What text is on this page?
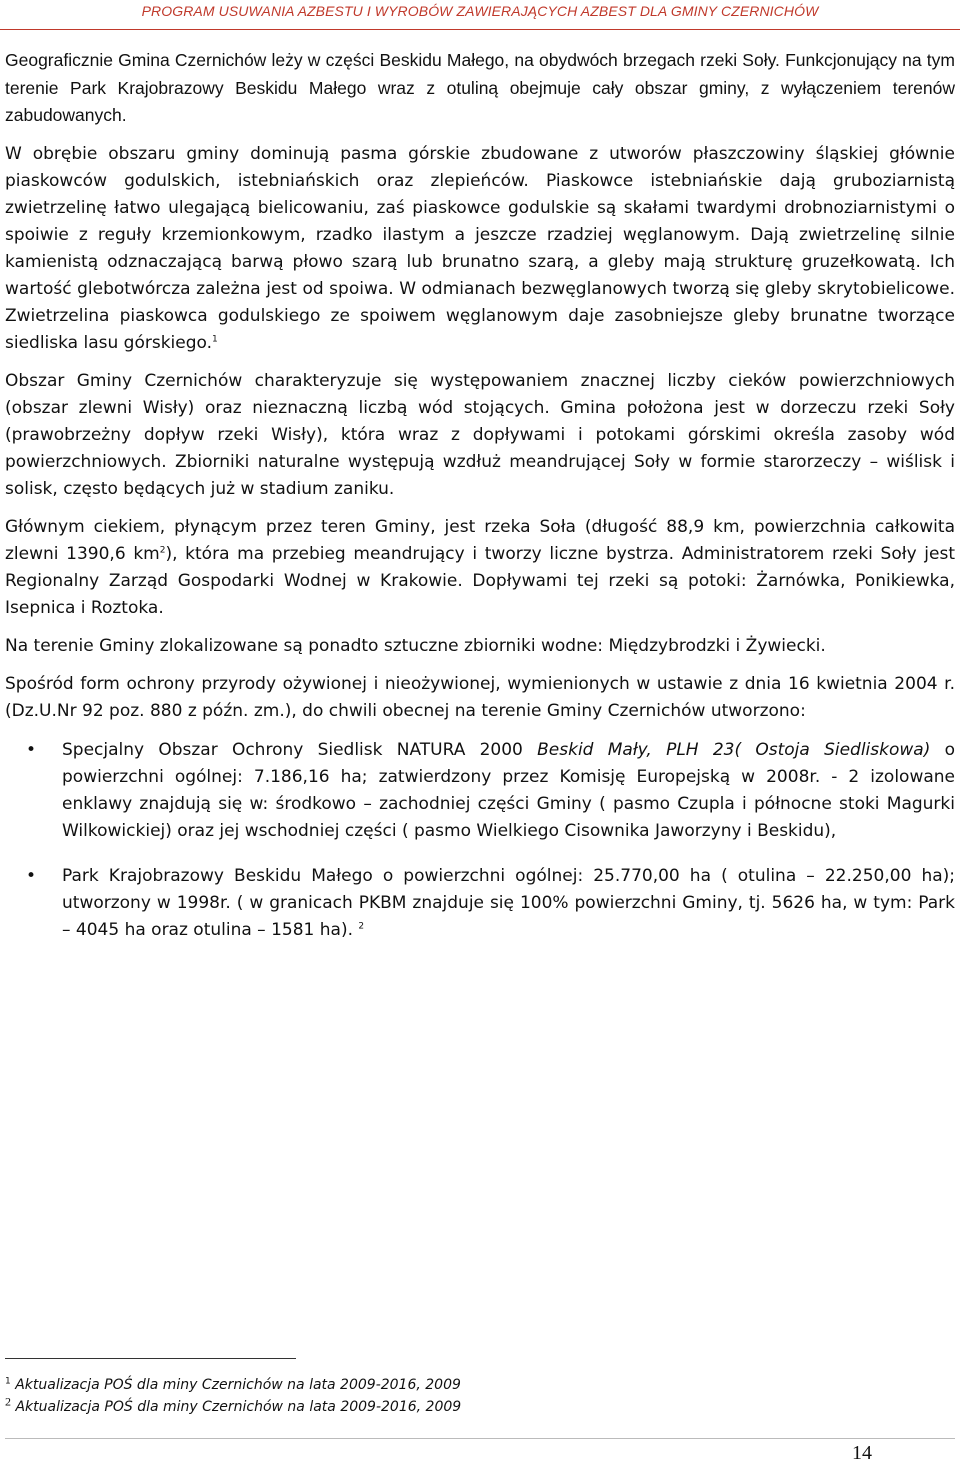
PROGRAM USUWANIA AZBESTU I WYROBÓW ZAWIERAJĄCYCH AZBEST DLA GMINY CZERNICHÓW

Geograficznie Gmina Czernichów leży w części Beskidu Małego, na obydwóch brzegach rzeki Soły. Funkcjonujący na tym terenie Park Krajobrazowy Beskidu Małego wraz z otuliną obejmuje cały obszar gminy, z wyłączeniem terenów zabudowanych.

W obrębie obszaru gminy dominują pasma górskie zbudowane z utworów płaszczowiny śląskiej głównie piaskowców godulskich, istebniańskich oraz zlepieńców. Piaskowce istebniańskie dają gruboziarnistą zwietrzelinę łatwo ulegającą bielicowaniu, zaś piaskowce godulskie są skałami twardymi drobnoziarnistymi o spoiwie z reguły krzemionkowym, rzadko ilastym a jeszcze rzadziej węglanowym. Dają zwietrzelinę silnie kamienistą odznaczającą barwą płowo szarą lub brunatno szarą, a gleby mają strukturę gruzełkowatą. Ich wartość glebotwórcza zależna jest od spoiwa. W odmianach bezwęglanowych tworzą się gleby skrytobielicowe. Zwietrzelina piaskowca godulskiego ze spoiwem węglanowym daje zasobniejsze gleby brunatne tworzące siedliska lasu górskiego.$^1$

Obszar Gminy Czernichów charakteryzuje się występowaniem znacznej liczby cieków powierzchniowych (obszar zlewni Wisły) oraz nieznaczną liczbą wód stojących. Gmina położona jest w dorzeczu rzeki Soły (prawobrzeżny dopływ rzeki Wisły), która wraz z dopływami i potokami górskimi określa zasoby wód powierzchniowych. Zbiorniki naturalne występują wzdłuż meandrującej Soły w formie starorzeczy – wiślisk i solisk, często będących już w stadium zaniku.

Głównym ciekiem, płynącym przez teren Gminy, jest rzeka Soła (długość 88,9 km, powierzchnia całkowita zlewni 1390,6 $km^2$), która ma przebieg meandrujący i tworzy liczne bystrza. Administratorem rzeki Soły jest Regionalny Zarząd Gospodarki Wodnej w Krakowie. Dopływami tej rzeki są potoki: Żarnówka, Ponikiewka, Isepnica i Roztoka.

Na terenie Gminy zlokalizowane są ponadto sztuczne zbiorniki wodne: Międzybrodzki i Żywiecki.

Spośród form ochrony przyrody ożywionej i nieożywionej, wymienionych w ustawie z dnia 16 kwietnia 2004 r. (Dz.U.Nr 92 poz. 880 z późn. zm.), do chwili obecnej na terenie Gminy Czernichów utworzono:

• Specjalny Obszar Ochrony Siedlisk NATURA 2000 Beskid Mały, PLH 23( Ostoja Siedliskowa) o powierzchni ogólnej: 7.186,16 ha; zatwierdzony przez Komisję Europejską w 2008r. - 2 izolowane enklawy znajdują się w: środkowo – zachodniej części Gminy ( pasmo Czupla i północne stoki Magurki Wilkowickiej) oraz jej wschodniej części ( pasmo Wielkiego Cisownika Jaworzyny i Beskidu),
• Park Krajobrazowy Beskidu Małego o powierzchni ogólnej: 25.770,00 ha ( otulina – 22.250,00 ha); utworzony w 1998r. ( w granicach PKBM znajduje się 100% powierzchni Gminy, tj. 5626 ha, w tym: Park – 4045 ha oraz otulina – 1581 ha). $^2$
$^1$ Aktualizacja POŚ dla miny Czernichów na lata 2009-2016, 2009
2 Aktualizacja POŚ dla miny Czernichów na lata 2009-2016, 2009
14
